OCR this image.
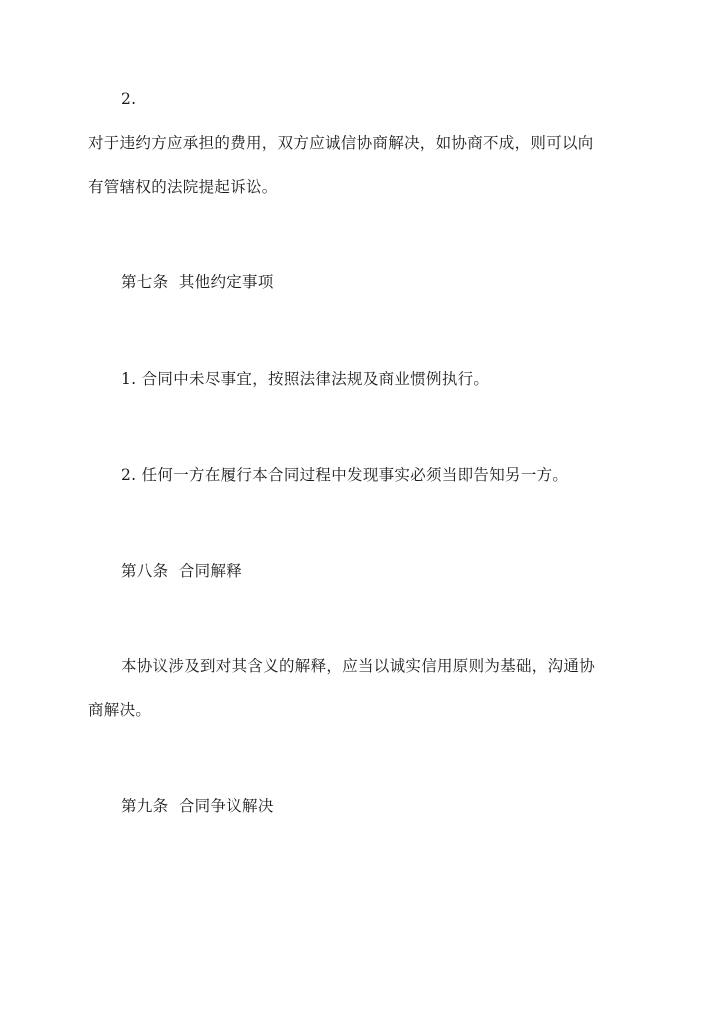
2.
对于违约方应承担的费用，双方应诚信协商解决，如协商不成，则可以向
有管辖权的法院提起诉讼。
第七条  其他约定事项
1. 合同中未尽事宜，按照法律法规及商业惯例执行。
2. 任何一方在履行本合同过程中发现事实必须当即告知另一方。
第八条  合同解释
本协议涉及到对其含义的解释，应当以诚实信用原则为基础，沟通协
商解决。
第九条  合同争议解决
